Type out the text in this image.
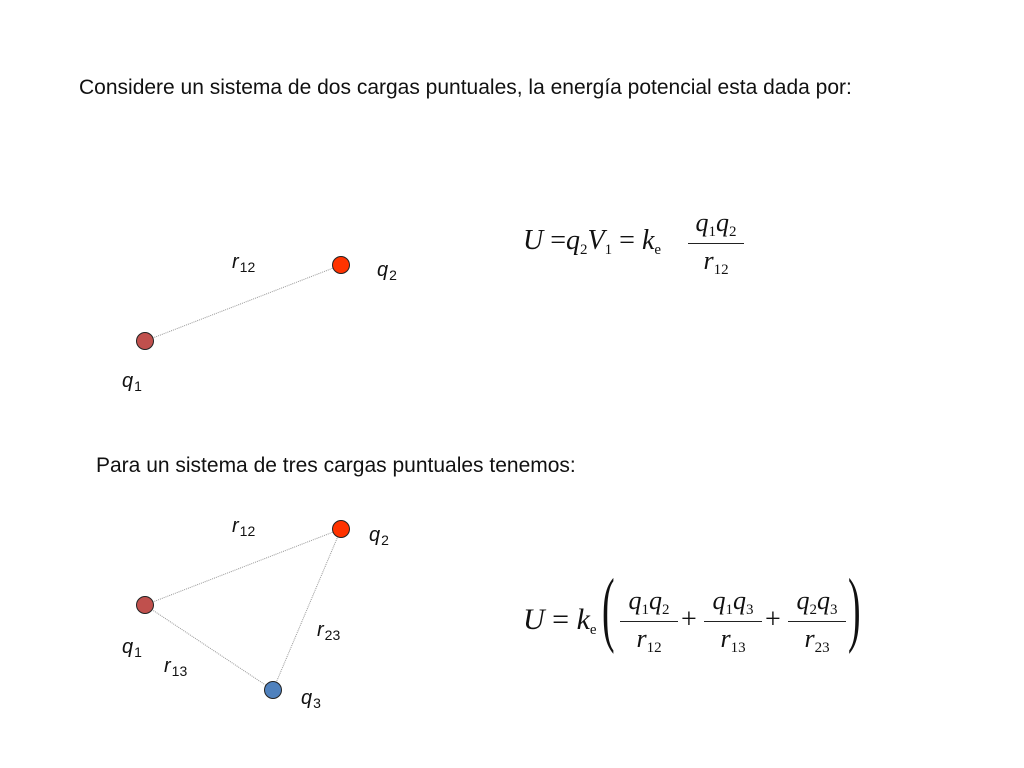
Considere un sistema de dos cargas puntuales, la energía potencial esta dada por:

Para un sistema de tres cargas puntuales tenemos:

$r_{12}$	$q_2$
$q_1$
$r_{12}$	$q_2$
$r_{23}$
$q_1$
$r_{13}$
$q_3$
U =q2V1 = ke
q1q2
r12
U = ke ( q1q2
r12
+
q1q3
r13
+
q2q3
r23 )
